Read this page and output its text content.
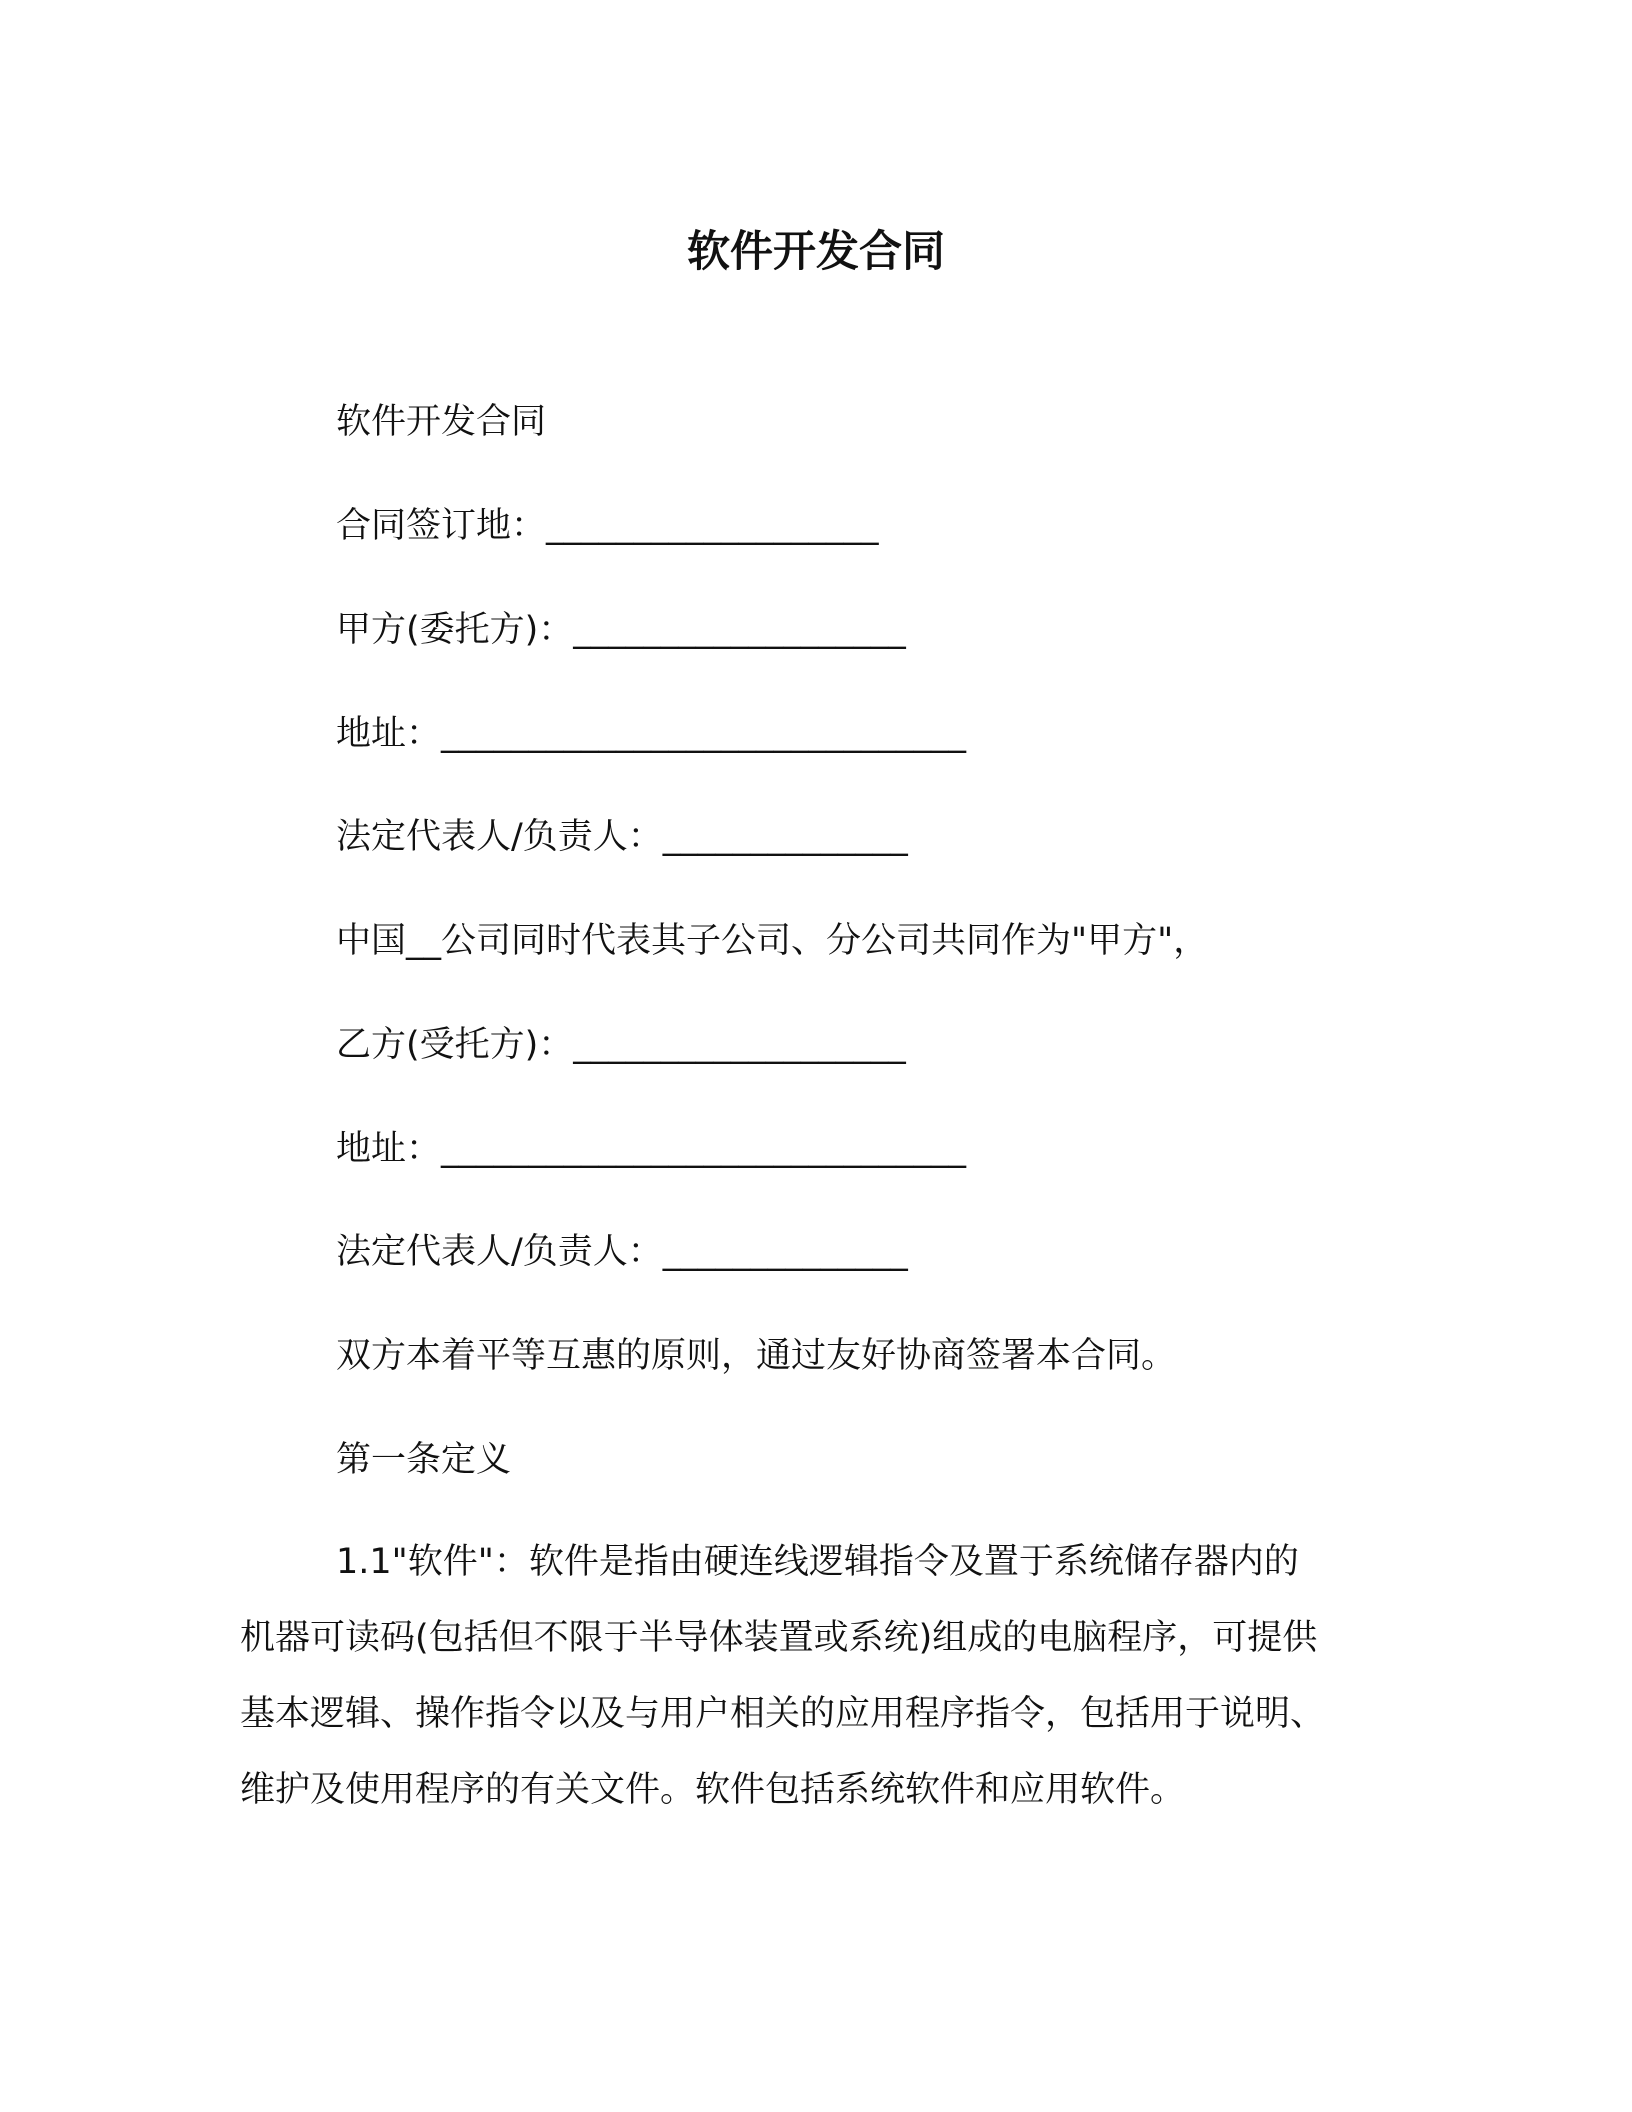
软件开发合同
软件开发合同
合同签订地：___________________
甲方(委托方)：___________________
地址：______________________________
法定代表人/负责人：______________
中国__公司同时代表其子公司、分公司共同作为"甲方"，
乙方(受托方)：___________________
地址：______________________________
法定代表人/负责人：______________
双方本着平等互惠的原则，通过友好协商签署本合同。
第一条定义
1.1"软件"：软件是指由硬连线逻辑指令及置于系统储存器内的
机器可读码(包括但不限于半导体装置或系统)组成的电脑程序，可提供
基本逻辑、操作指令以及与用户相关的应用程序指令，包括用于说明、
维护及使用程序的有关文件。软件包括系统软件和应用软件。
